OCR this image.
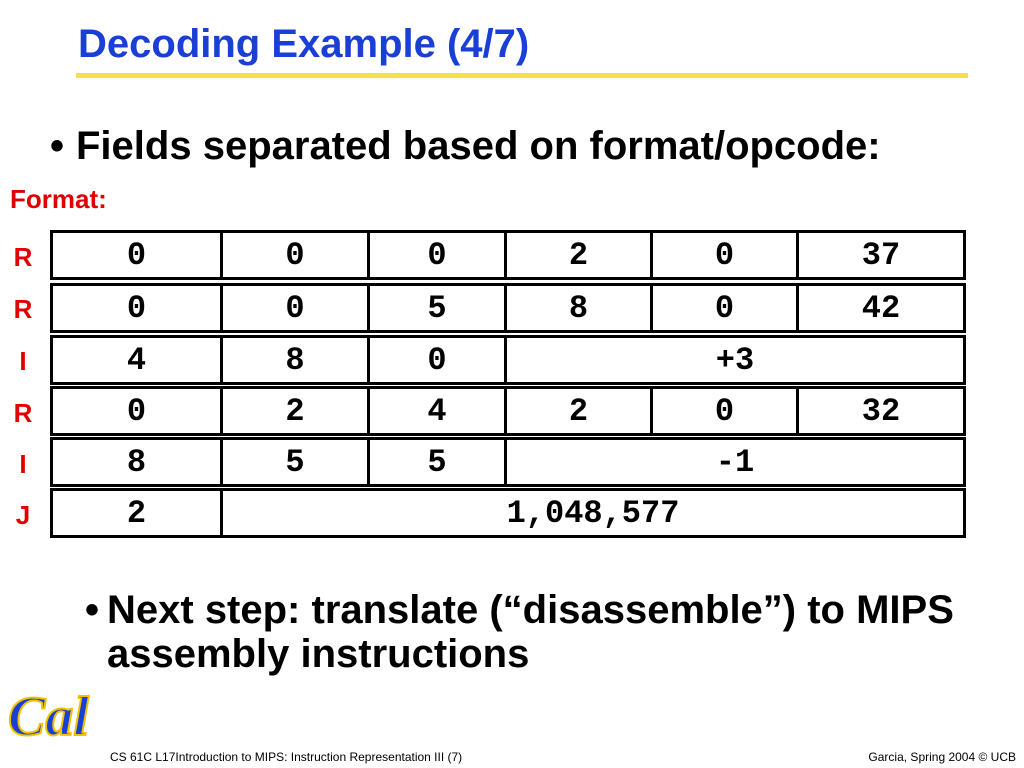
Decoding Example (4/7)
• Fields separated based on format/opcode:
Format:
R	0	0	0	2	0	37
R	0	0	5	8	0	42
I	4	8	0	+3
R	0	2	4	2	0	32
I	8	5	5	-1
J	2	1,048,577
• Next step: translate (“disassemble”) to MIPS assembly instructions
Cal
CS 61C L17Introduction to MIPS: Instruction Representation III (7)	Garcia, Spring 2004 © UCB
